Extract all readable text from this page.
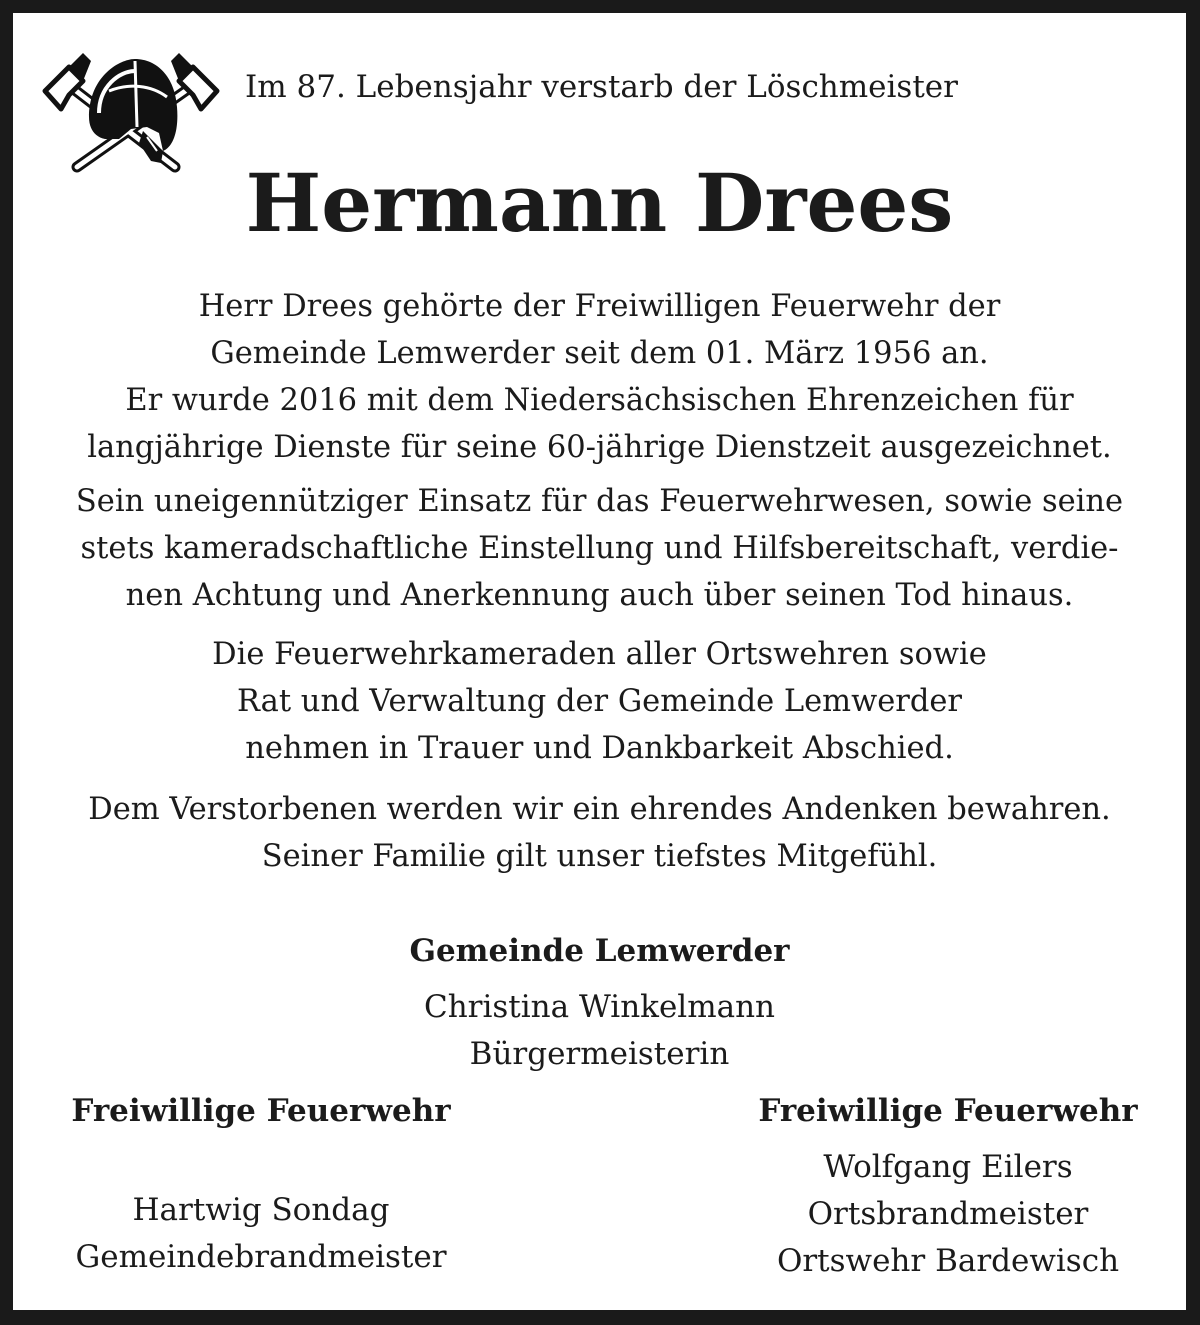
Im 87. Lebensjahr verstarb der Löschmeister
Hermann Drees
Herr Drees gehörte der Freiwilligen Feuerwehr der
Gemeinde Lemwerder seit dem 01. März 1956 an.
Er wurde 2016 mit dem Niedersächsischen Ehrenzeichen für
langjährige Dienste für seine 60-jährige Dienstzeit ausgezeichnet.
Sein uneigennütziger Einsatz für das Feuerwehrwesen, sowie seine
stets kameradschaftliche Einstellung und Hilfsbereitschaft, verdie-
nen Achtung und Anerkennung auch über seinen Tod hinaus.
Die Feuerwehrkameraden aller Ortswehren sowie
Rat und Verwaltung der Gemeinde Lemwerder
nehmen in Trauer und Dankbarkeit Abschied.
Dem Verstorbenen werden wir ein ehrendes Andenken bewahren.
Seiner Familie gilt unser tiefstes Mitgefühl.
Gemeinde Lemwerder
Christina Winkelmann
Bürgermeisterin
Freiwillige Feuerwehr
Hartwig Sondag
Gemeindebrandmeister
Freiwillige Feuerwehr
Wolfgang Eilers
Ortsbrandmeister
Ortswehr Bardewisch
